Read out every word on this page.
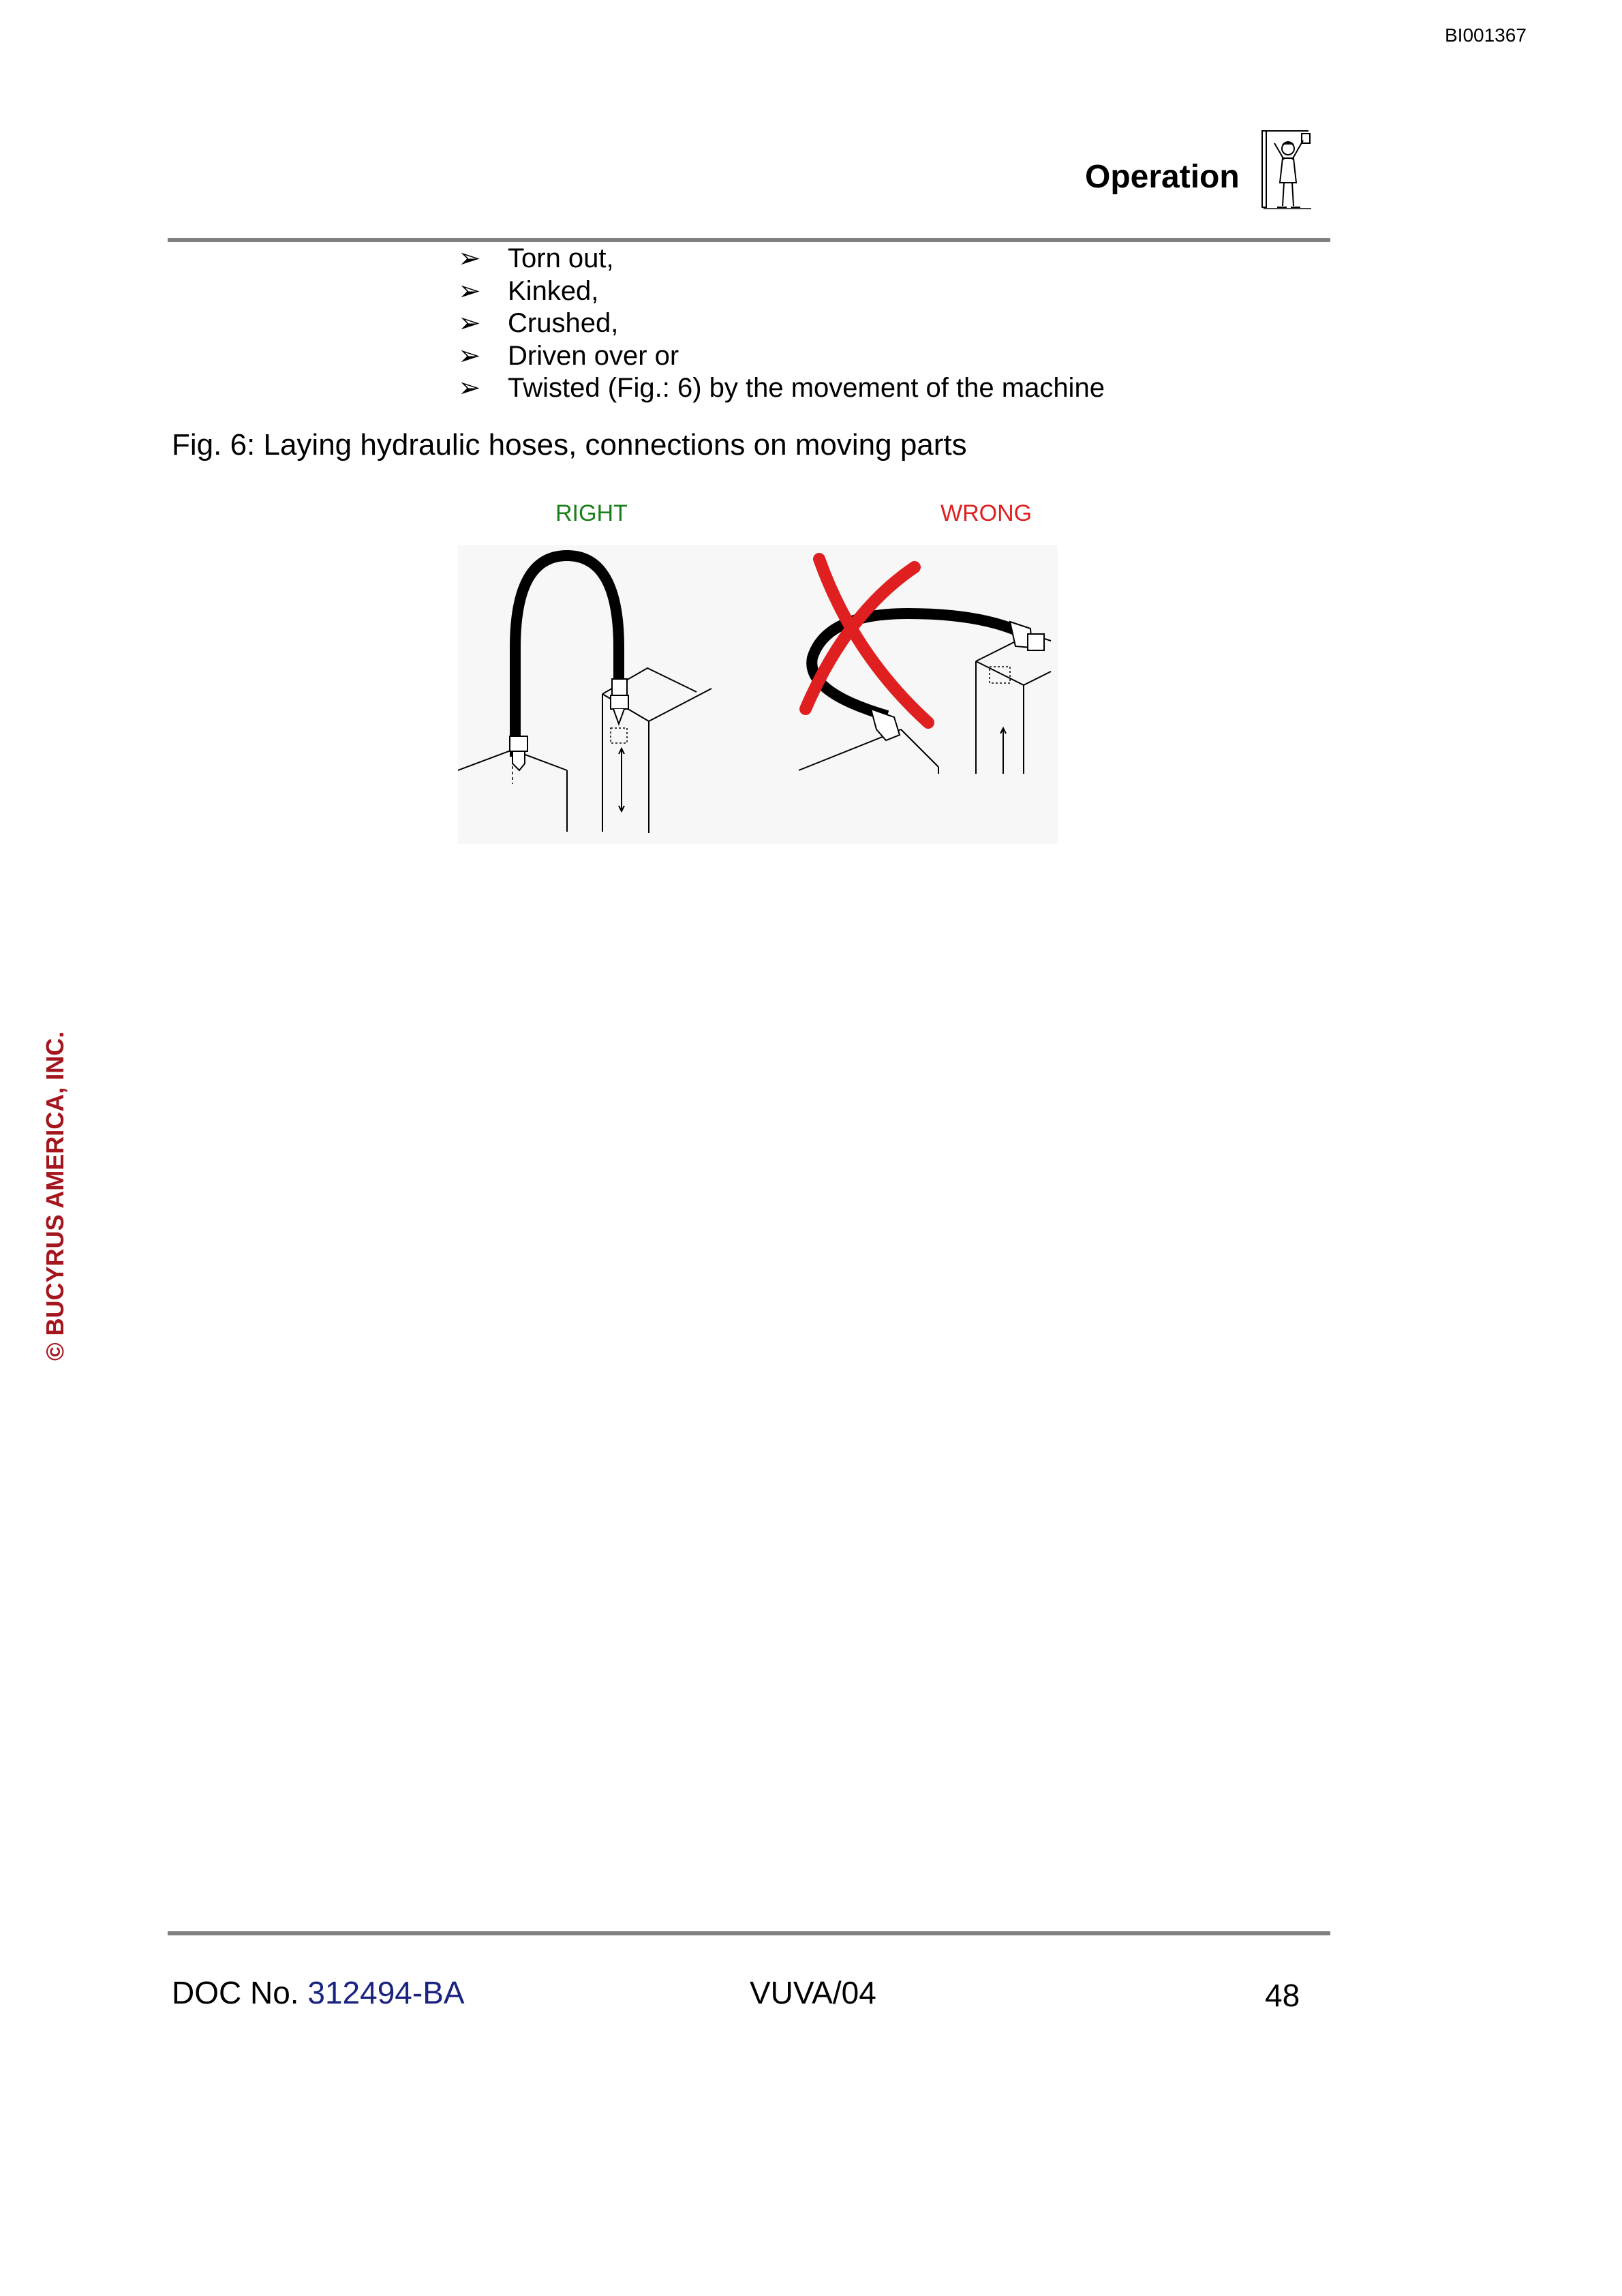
BI001367
Operation
➢ Torn out,
➢ Kinked,
➢ Crushed,
➢ Driven over or
➢ Twisted (Fig.: 6) by the movement of the machine
Fig. 6: Laying hydraulic hoses, connections on moving parts
RIGHT	WRONG
© BUCYRUS AMERICA, INC.
DOC No. 312494-BA	VUVA/04	48
